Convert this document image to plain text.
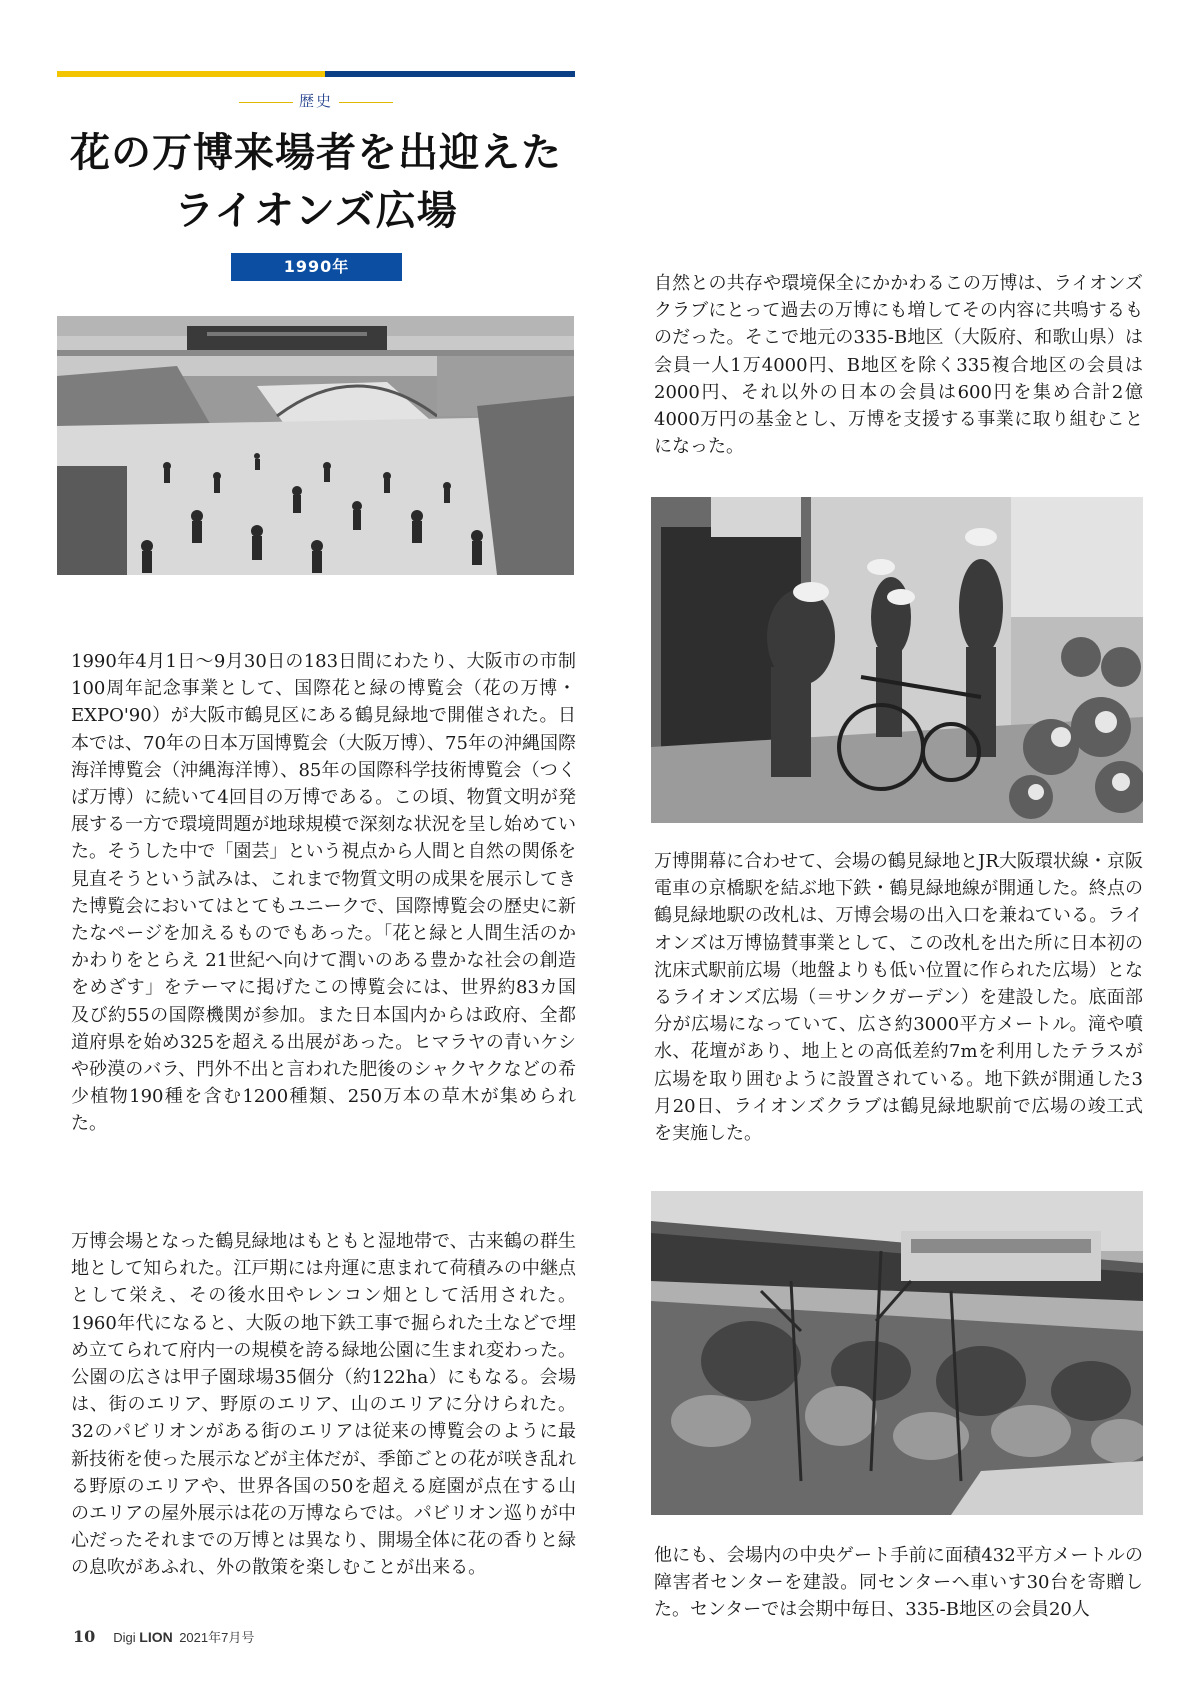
歴史
花の万博来場者を出迎えた
ライオンズ広場
1990年

1990年4月1日～9月30日の183日間にわたり、大阪市の市制100周年記念事業として、国際花と緑の博覧会（花の万博・EXPO'90）が大阪市鶴見区にある鶴見緑地で開催された。日本では、70年の日本万国博覧会（大阪万博）、75年の沖縄国際海洋博覧会（沖縄海洋博）、85年の国際科学技術博覧会（つくば万博）に続いて4回目の万博である。この頃、物質文明が発展する一方で環境問題が地球規模で深刻な状況を呈し始めていた。そうした中で「園芸」という視点から人間と自然の関係を見直そうという試みは、これまで物質文明の成果を展示してきた博覧会においてはとてもユニークで、国際博覧会の歴史に新たなページを加えるものでもあった。「花と緑と人間生活のかかわりをとらえ 21世紀へ向けて潤いのある豊かな社会の創造をめざす」をテーマに掲げたこの博覧会には、世界約83カ国及び約55の国際機関が参加。また日本国内からは政府、全都道府県を始め325を超える出展があった。ヒマラヤの青いケシや砂漠のバラ、門外不出と言われた肥後のシャクヤクなどの希少植物190種を含む1200種類、250万本の草木が集められた。

万博会場となった鶴見緑地はもともと湿地帯で、古来鶴の群生地として知られた。江戸期には舟運に恵まれて荷積みの中継点として栄え、その後水田やレンコン畑として活用された。1960年代になると、大阪の地下鉄工事で掘られた土などで埋め立てられて府内一の規模を誇る緑地公園に生まれ変わった。公園の広さは甲子園球場35個分（約122ha）にもなる。会場は、街のエリア、野原のエリア、山のエリアに分けられた。32のパビリオンがある街のエリアは従来の博覧会のように最新技術を使った展示などが主体だが、季節ごとの花が咲き乱れる野原のエリアや、世界各国の50を超える庭園が点在する山のエリアの屋外展示は花の万博ならでは。パビリオン巡りが中心だったそれまでの万博とは異なり、開場全体に花の香りと緑の息吹があふれ、外の散策を楽しむことが出来る。

自然との共存や環境保全にかかわるこの万博は、ライオンズクラブにとって過去の万博にも増してその内容に共鳴するものだった。そこで地元の335-B地区（大阪府、和歌山県）は会員一人1万4000円、B地区を除く335複合地区の会員は2000円、それ以外の日本の会員は600円を集め合計2億4000万円の基金とし、万博を支援する事業に取り組むことになった。

万博開幕に合わせて、会場の鶴見緑地とJR大阪環状線・京阪電車の京橋駅を結ぶ地下鉄・鶴見緑地線が開通した。終点の鶴見緑地駅の改札は、万博会場の出入口を兼ねている。ライオンズは万博協賛事業として、この改札を出た所に日本初の沈床式駅前広場（地盤よりも低い位置に作られた広場）となるライオンズ広場（＝サンクガーデン）を建設した。底面部分が広場になっていて、広さ約3000平方メートル。滝や噴水、花壇があり、地上との高低差約7mを利用したテラスが広場を取り囲むように設置されている。地下鉄が開通した3月20日、ライオンズクラブは鶴見緑地駅前で広場の竣工式を実施した。

他にも、会場内の中央ゲート手前に面積432平方メートルの障害者センターを建設。同センターへ車いす30台を寄贈した。センターでは会期中毎日、335-B地区の会員20人

10 Digi LION 2021年7月号
